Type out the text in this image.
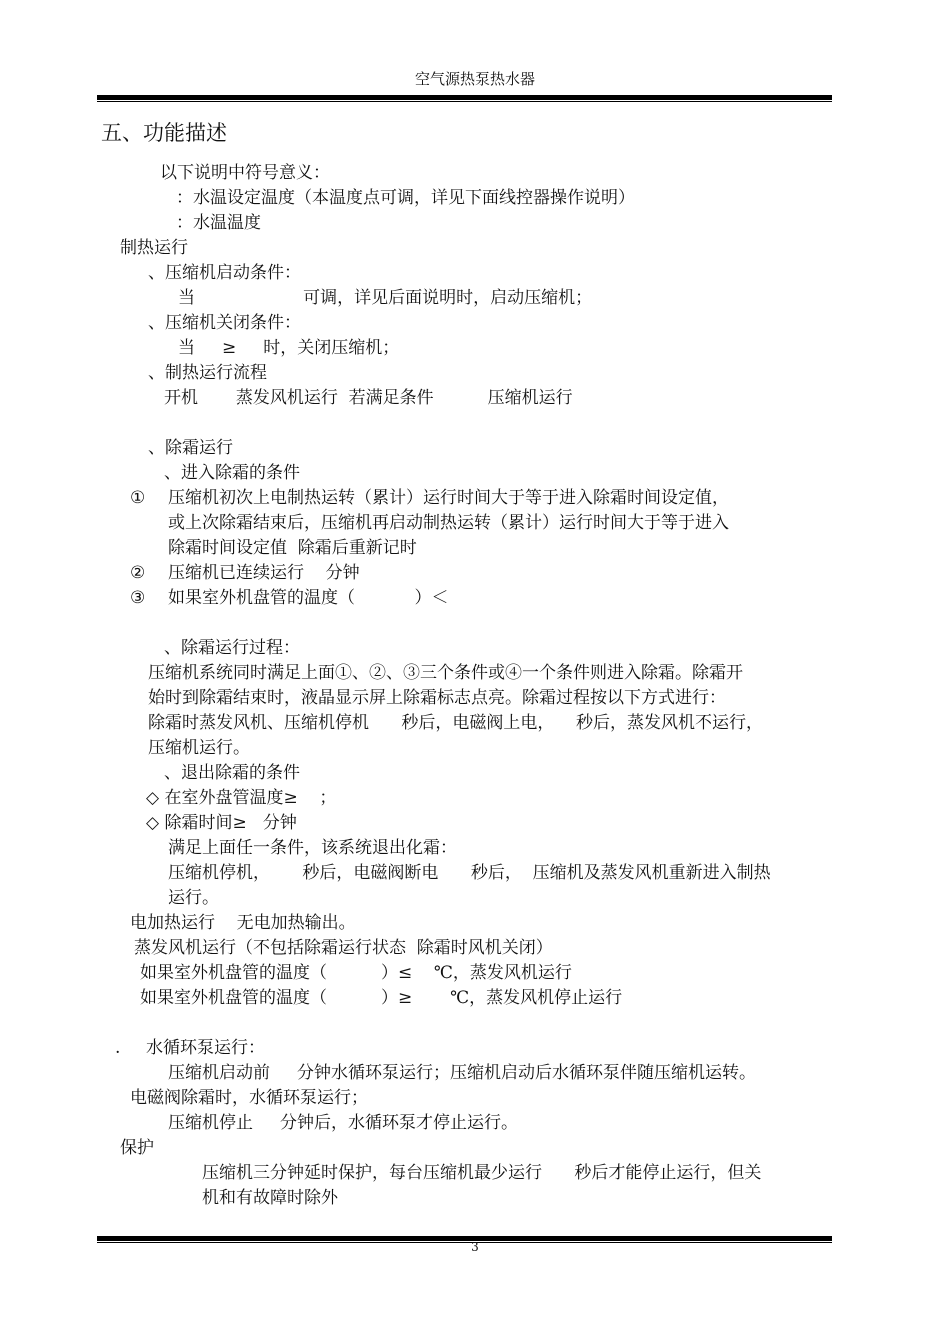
空气源热泵热水器
五、功能描述
以下说明中符号意义：
：水温设定温度（本温度点可调，详见下面线控器操作说明）
：水温温度
制热运行
、压缩机启动条件：
当                    可调，详见后面说明时，启动压缩机；
、压缩机关闭条件：
当     ≥     时，关闭压缩机；
、制热运行流程
开机       蒸发风机运行  若满足条件          压缩机运行
、除霜运行
、进入除霜的条件
① 压缩机初次上电制热运转（累计）运行时间大于等于进入除霜时间设定值，
或上次除霜结束后，压缩机再启动制热运转（累计）运行时间大于等于进入
除霜时间设定值  除霜后重新记时
② 压缩机已连续运行    分钟
③ 如果室外机盘管的温度（           ）＜
、除霜运行过程：
压缩机系统同时满足上面①、②、③三个条件或④一个条件则进入除霜。除霜开
始时到除霜结束时，液晶显示屏上除霜标志点亮。除霜过程按以下方式进行：
除霜时蒸发风机、压缩机停机      秒后，电磁阀上电，    秒后，蒸发风机不运行，
压缩机运行。
、退出除霜的条件
◇ 在室外盘管温度≥    ；
◇ 除霜时间≥   分钟
满足上面任一条件，该系统退出化霜：
压缩机停机，      秒后，电磁阀断电      秒后，  压缩机及蒸发风机重新进入制热
运行。
电加热运行    无电加热输出。
蒸发风机运行（不包括除霜运行状态  除霜时风机关闭）
如果室外机盘管的温度（          ）≤    ℃，蒸发风机运行
如果室外机盘管的温度（          ）≥       ℃，蒸发风机停止运行
. 水循环泵运行：
压缩机启动前     分钟水循环泵运行；压缩机启动后水循环泵伴随压缩机运转。
电磁阀除霜时，水循环泵运行；
压缩机停止     分钟后，水循环泵才停止运行。
保护
压缩机三分钟延时保护，每台压缩机最少运行      秒后才能停止运行，但关
机和有故障时除外
3
